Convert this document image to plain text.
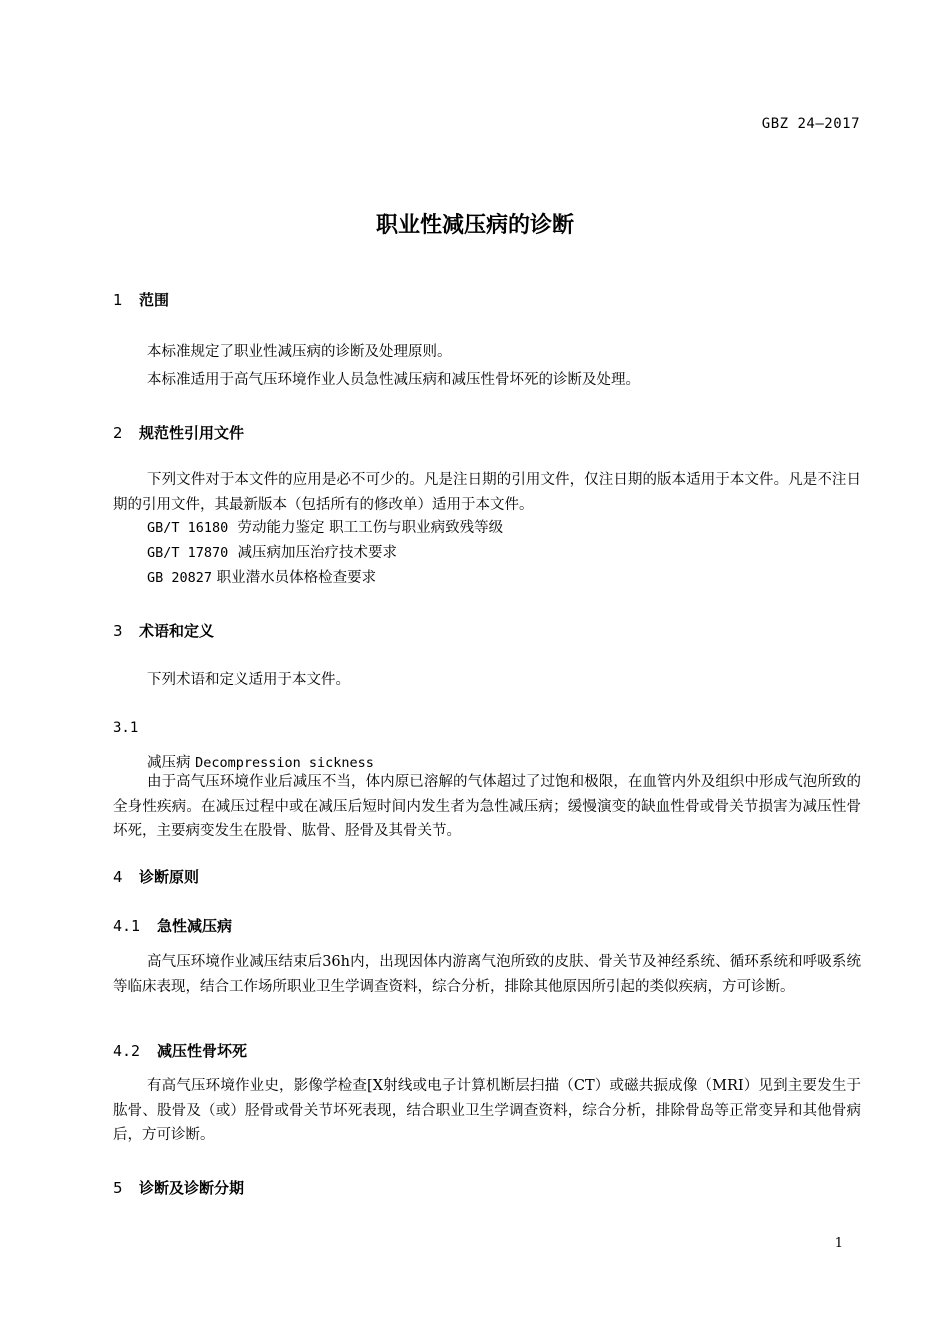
GBZ 24—2017
职业性减压病的诊断
1 范围
本标准规定了职业性减压病的诊断及处理原则。
本标准适用于高气压环境作业人员急性减压病和减压性骨坏死的诊断及处理。
2 规范性引用文件
下列文件对于本文件的应用是必不可少的。凡是注日期的引用文件，仅注日期的版本适用于本文件。凡是不注日期的引用文件，其最新版本（包括所有的修改单）适用于本文件。
GB/T 16180 劳动能力鉴定 职工工伤与职业病致残等级
GB/T 17870 减压病加压治疗技术要求
GB 20827 职业潜水员体格检查要求
3 术语和定义
下列术语和定义适用于本文件。
3.1
减压病 Decompression sickness
由于高气压环境作业后减压不当，体内原已溶解的气体超过了过饱和极限，在血管内外及组织中形成气泡所致的全身性疾病。在减压过程中或在减压后短时间内发生者为急性减压病；缓慢演变的缺血性骨或骨关节损害为减压性骨坏死，主要病变发生在股骨、肱骨、胫骨及其骨关节。
4 诊断原则
4.1 急性减压病
高气压环境作业减压结束后36h内，出现因体内游离气泡所致的皮肤、骨关节及神经系统、循环系统和呼吸系统等临床表现，结合工作场所职业卫生学调查资料，综合分析，排除其他原因所引起的类似疾病，方可诊断。
4.2 减压性骨坏死
有高气压环境作业史，影像学检查[X射线或电子计算机断层扫描（CT）或磁共振成像（MRI）见到主要发生于肱骨、股骨及（或）胫骨或骨关节坏死表现，结合职业卫生学调查资料，综合分析，排除骨岛等正常变异和其他骨病后，方可诊断。
5 诊断及诊断分期
1
